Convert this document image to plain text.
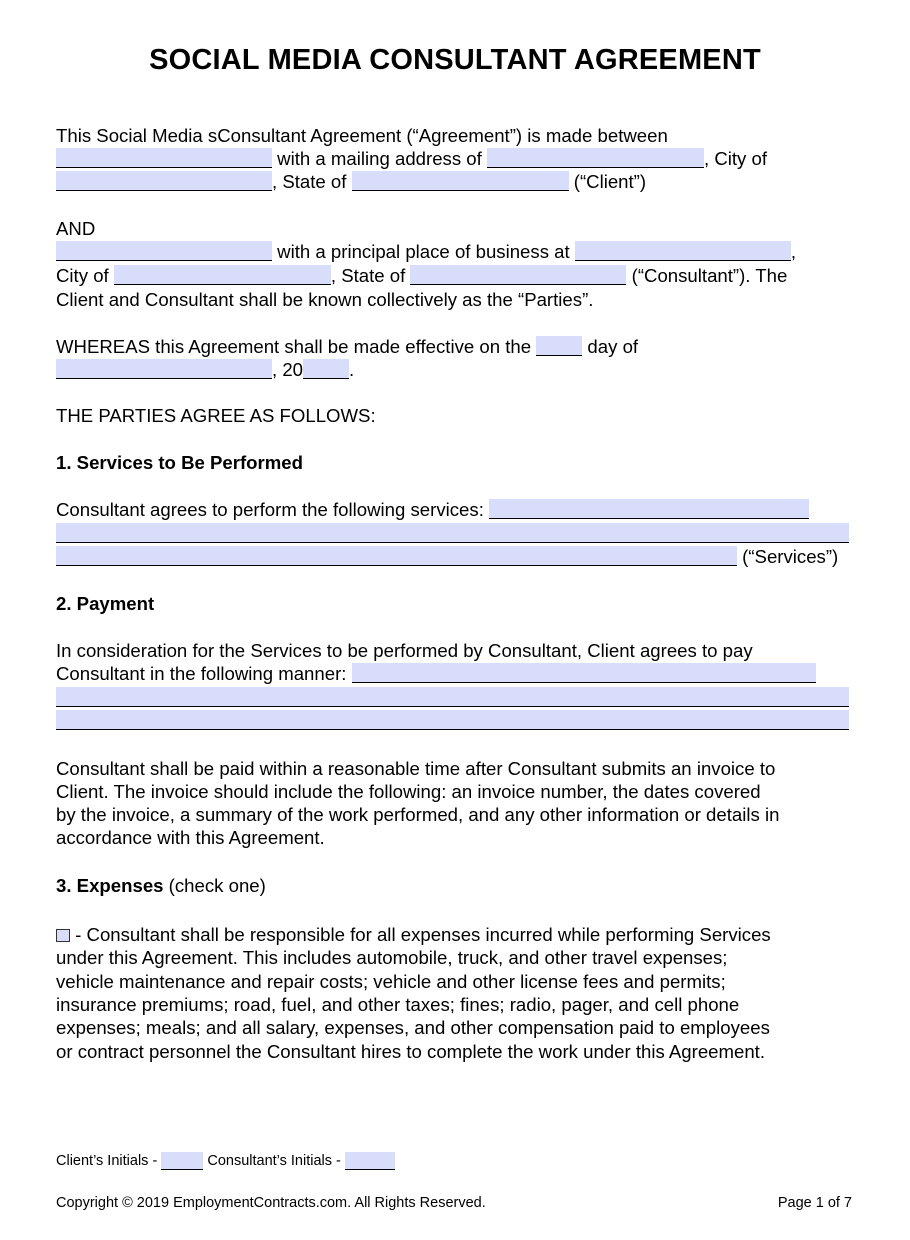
SOCIAL MEDIA CONSULTANT AGREEMENT
This Social Media sConsultant Agreement (“Agreement”) is made between
with a mailing address of	, City of
, State of	(“Client”)
AND
with a principal place of business at	,
City of	, State of	(“Consultant”). The
Client and Consultant shall be known collectively as the “Parties”.
WHEREAS this Agreement shall be made effective on the	day of
, 20 .
THE PARTIES AGREE AS FOLLOWS:
1. Services to Be Performed
Consultant agrees to perform the following services:
(“Services”)
2. Payment
In consideration for the Services to be performed by Consultant, Client agrees to pay
Consultant in the following manner:
Consultant shall be paid within a reasonable time after Consultant submits an invoice to
Client. The invoice should include the following: an invoice number, the dates covered
by the invoice, a summary of the work performed, and any other information or details in
accordance with this Agreement.
3. Expenses (check one)
- Consultant shall be responsible for all expenses incurred while performing Services
under this Agreement. This includes automobile, truck, and other travel expenses;
vehicle maintenance and repair costs; vehicle and other license fees and permits;
insurance premiums; road, fuel, and other taxes; fines; radio, pager, and cell phone
expenses; meals; and all salary, expenses, and other compensation paid to employees
or contract personnel the Consultant hires to complete the work under this Agreement.
Client’s Initials -	Consultant’s Initials -
Copyright © 2019 EmploymentContracts.com. All Rights Reserved.	Page 1 of 7
